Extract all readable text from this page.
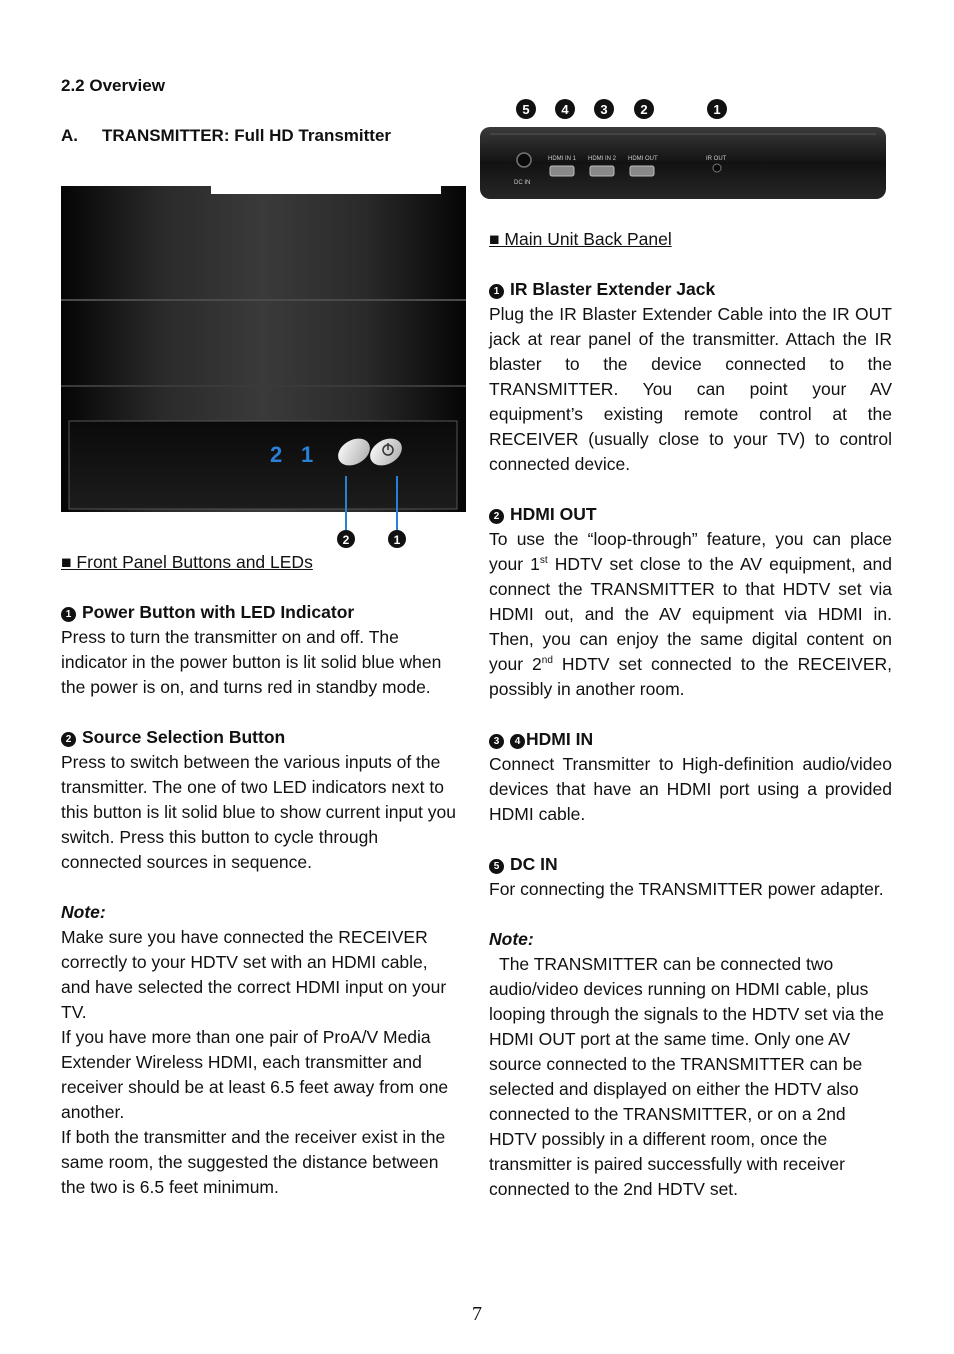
2.2 Overview
A. TRANSMITTER: Full HD Transmitter
2 1
2	1
■ Front Panel Buttons and LEDs
5 4 3	2	1
DC IN
HDMI IN 1 HDMI IN 2 HDMI OUT	IR OUT
■ Main Unit Back Panel
1 Power Button with LED Indicator
Press to turn the transmitter on and off. The indicator in the power button is lit solid blue when the power is on, and turns red in standby mode.
2 Source Selection Button
Press to switch between the various inputs of the transmitter. The one of two LED indicators next to this button is lit solid blue to show current input you switch. Press this button to cycle through connected sources in sequence.
Note:
Make sure you have connected the RECEIVER correctly to your HDTV set with an HDMI cable, and have selected the correct HDMI input on your TV.
If you have more than one pair of ProA/V Media Extender Wireless HDMI, each transmitter and receiver should be at least 6.5 feet away from one another.
If both the transmitter and the receiver exist in the same room, the suggested the distance between the two is 6.5 feet minimum.
1 IR Blaster Extender Jack
Plug the IR Blaster Extender Cable into the IR OUT jack at rear panel of the transmitter. Attach the IR blaster to the device connected to the TRANSMITTER. You can point your AV equipment’s existing remote control at the RECEIVER (usually close to your TV) to control connected device.
2 HDMI OUT
To use the “loop-through” feature, you can place your 1st HDTV set close to the AV equipment, and connect the TRANSMITTER to that HDTV set via HDMI out, and the AV equipment via HDMI in. Then, you can enjoy the same digital content on your 2nd HDTV set connected to the RECEIVER, possibly in another room.
3 4 HDMI IN
Connect Transmitter to High-definition audio/video devices that have an HDMI port using a provided HDMI cable.
5 DC IN
For connecting the TRANSMITTER power adapter.
Note:
The TRANSMITTER can be connected two audio/video devices running on HDMI cable, plus looping through the signals to the HDTV set via the HDMI OUT port at the same time. Only one AV source connected to the TRANSMITTER can be selected and displayed on either the HDTV also connected to the TRANSMITTER, or on a 2nd HDTV possibly in a different room, once the transmitter is paired successfully with receiver connected to the 2nd HDTV set.
7
